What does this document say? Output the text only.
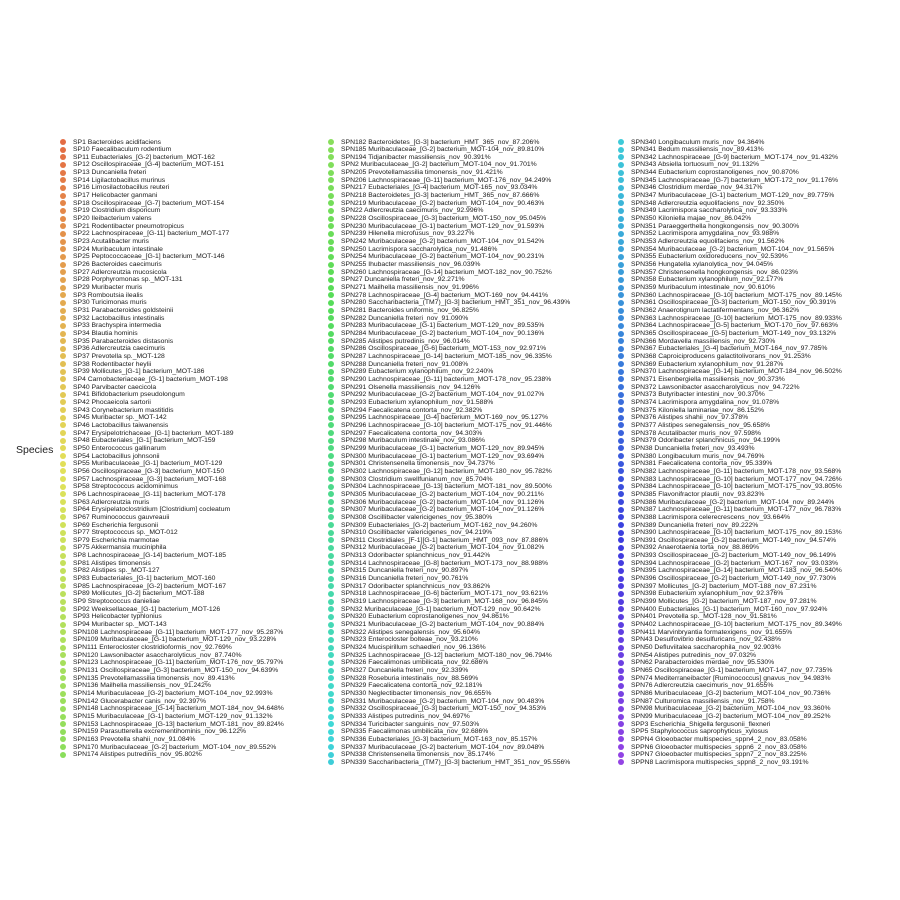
Species
SP1 Bacteroides acidifaciens
SP10 Faecalibaculum rodentium
SP11 Eubacteriales_[G-2] bacterium_MOT-162
SP12 Oscillospiraceae_[G-4] bacterium_MOT-151
SP13 Duncaniella freteri
SP14 Ligilactobacillus murinus
SP16 Limosilactobacillus reuteri
SP17 Helicobacter ganmani
SP18 Oscillospiraceae_[G-7] bacterium_MOT-154
SP19 Clostridium disporicum
SP20 Ileibacterium valens
SP21 Rodentibacter pneumotropicus
SP22 Lachnospiraceae_[G-11] bacterium_MOT-177
SP23 Acutalibacter muris
SP24 Muribaculum intestinale
SP25 Peptococcaceae_[G-1] bacterium_MOT-146
SP26 Bacteroides caecimuris
SP27 Adlercreutzia mucosicola
SP28 Porphyromonas sp._MOT-131
SP29 Muribacter muris
SP3 Romboutsia ilealis
SP30 Turicimonas muris
SP31 Parabacteroides goldsteinii
SP32 Lactobacillus intestinalis
SP33 Brachyspira intermedia
SP34 Blautia hominis
SP35 Parabacteroides distasonis
SP36 Adlercreutzia caecimuris
SP37 Prevotella sp._MOT-128
SP38 Rodentibacter heylii
SP39 Mollicutes_[G-1] bacterium_MOT-186
SP4 Carnobacteriaceae_[G-1] bacterium_MOT-198
SP40 Parvibacter caecicola
SP41 Bifidobacterium pseudolongum
SP42 Phocaeicola sartorii
SP43 Corynebacterium mastitidis
SP45 Muribacter sp._MOT-142
SP46 Lactobacillus taiwanensis
SP47 Erysipelotrichaceae_[G-1] bacterium_MOT-189
SP48 Eubacteriales_[G-1] bacterium_MOT-159
SP50 Enterococcus gallinarum
SP54 Lactobacillus johnsonii
SP55 Muribaculaceae_[G-1] bacterium_MOT-129
SP56 Oscillospiraceae_[G-3] bacterium_MOT-150
SP57 Lachnospiraceae_[G-3] bacterium_MOT-168
SP58 Streptococcus acidominimus
SP6 Lachnospiraceae_[G-11] bacterium_MOT-178
SP63 Adlercreutzia muris
SP64 Erysipelatoclostridium [Clostridium] cocleatum
SP67 Ruminococcus gauvreauii
SP69 Escherichia fergusonii
SP77 Streptococcus sp._MOT-012
SP79 Escherichia marmotae
SP75 Akkermansia muciniphila
SP8 Lachnospiraceae_[G-14] bacterium_MOT-185
SP81 Alistipes timonensis
SP82 Alistipes sp._MOT-127
SP83 Eubacteriales_[G-1] bacterium_MOT-160
SP85 Lachnospiraceae_[G-2] bacterium_MOT-167
SP89 Mollicutes_[G-2] bacterium_MOT-188
SP9 Streptococcus danieliae
SP92 Weeksellaceae_[G-1] bacterium_MOT-126
SP93 Helicobacter typhlonius
SP94 Muribacter sp._MOT-143
SPN108 Lachnospiraceae_[G-11] bacterium_MOT-177_nov_95.287%
SPN109 Muribaculaceae_[G-1] bacterium_MOT-129_nov_93.228%
SPN111 Enterocloster clostridioformis_nov_92.769%
SPN120 Lawsonibacter asaccharolyticus_nov_87.740%
SPN123 Lachnospiraceae_[G-11] bacterium_MOT-176_nov_95.797%
SPN131 Oscillospiraceae_[G-3] bacterium_MOT-150_nov_94.639%
SPN135 Prevotellamassilia timonensis_nov_89.413%
SPN136 Mailhella massiliensis_nov_91.242%
SPN14 Muribaculaceae_[G-2] bacterium_MOT-104_nov_92.993%
SPN142 Glucerabacter canis_nov_92.397%
SPN148 Lachnospiraceae_[G-14] bacterium_MOT-184_nov_94.648%
SPN15 Muribaculaceae_[G-1] bacterium_MOT-129_nov_91.132%
SPN153 Lachnospiraceae_[G-13] bacterium_MOT-181_nov_89.824%
SPN159 Parasutterella excrementihominis_nov_96.122%
SPN163 Prevotella shahii_nov_91.084%
SPN170 Muribaculaceae_[G-2] bacterium_MOT-104_nov_89.552%
SPN174 Alistipes putredinis_nov_95.802%
SPN182 Bacteroidetes_[G-3] bacterium_HMT_365_nov_87.206%
SPN185 Muribaculaceae_[G-2] bacterium_MOT-104_nov_89.810%
SPN194 Tidjanibacter massiliensis_nov_90.391%
SPN2 Muribaculaceae_[G-2] bacterium_MOT-104_nov_91.701%
SPN205 Prevotellamassilia timonensis_nov_91.421%
SPN206 Lachnospiraceae_[G-11] bacterium_MOT-176_nov_94.249%
SPN217 Eubacteriales_[G-4] bacterium_MOT-165_nov_93.034%
SPN218 Bacteroidetes_[G-3] bacterium_HMT_365_nov_87.666%
SPN219 Muribaculaceae_[G-2] bacterium_MOT-104_nov_90.463%
SPN22 Adlercreutzia caecimuris_nov_92.996%
SPN228 Oscillospiraceae_[G-3] bacterium_MOT-150_nov_95.045%
SPN230 Muribaculaceae_[G-1] bacterium_MOT-129_nov_91.593%
SPN239 Hilenella microfusus_nov_93.227%
SPN242 Muribaculaceae_[G-2] bacterium_MOT-104_nov_91.542%
SPN250 Lacrimispora saccharolytica_nov_91.486%
SPN254 Muribaculaceae_[G-2] bacterium_MOT-104_nov_90.231%
SPN255 Ihubacter massiliensis_nov_96.039%
SPN260 Lachnospiraceae_[G-14] bacterium_MOT-182_nov_90.752%
SPN27 Duncaniella freteri_nov_92.271%
SPN271 Mailhella massiliensis_nov_91.996%
SPN278 Lachnospiraceae_[G-4] bacterium_MOT-169_nov_94.441%
SPN280 Saccharibacteria_(TM7)_[G-3] bacterium_HMT_351_nov_96.439%
SPN281 Bacteroides uniformis_nov_96.825%
SPN282 Duncaniella freteri_nov_91.090%
SPN283 Muribaculaceae_[G-1] bacterium_MOT-129_nov_89.535%
SPN284 Muribaculaceae_[G-2] bacterium_MOT-104_nov_90.136%
SPN285 Alistipes putredinis_nov_96.014%
SPN286 Oscillospiraceae_[G-6] bacterium_MOT-153_nov_92.971%
SPN287 Lachnospiraceae_[G-14] bacterium_MOT-185_nov_96.335%
SPN288 Duncaniella freteri_nov_91.008%
SPN289 Eubacterium xylanophilum_nov_92.240%
SPN290 Lachnospiraceae_[G-11] bacterium_MOT-178_nov_95.238%
SPN291 Olsenella massiliensis_nov_94.126%
SPN292 Muribaculaceae_[G-2] bacterium_MOT-104_nov_91.027%
SPN293 Eubacterium xylanophilum_nov_91.588%
SPN294 Faecalicatena contorta_nov_92.382%
SPN295 Lachnospiraceae_[G-4] bacterium_MOT-169_nov_95.127%
SPN296 Lachnospiraceae_[G-10] bacterium_MOT-175_nov_91.446%
SPN297 Faecalicatena contorta_nov_94.303%
SPN298 Muribaculum intestinale_nov_93.086%
SPN299 Muribaculaceae_[G-1] bacterium_MOT-129_nov_89.945%
SPN300 Muribaculaceae_[G-1] bacterium_MOT-129_nov_93.694%
SPN301 Christensenella timonensis_nov_94.737%
SPN302 Lachnospiraceae_[G-12] bacterium_MOT-180_nov_95.782%
SPN303 Clostridium swellfunianum_nov_85.704%
SPN304 Lachnospiraceae_[G-13] bacterium_MOT-181_nov_89.500%
SPN305 Muribaculaceae_[G-2] bacterium_MOT-104_nov_90.211%
SPN306 Muribaculaceae_[G-2] bacterium_MOT-104_nov_91.126%
SPN307 Muribaculaceae_[G-2] bacterium_MOT-104_nov_91.126%
SPN308 Oscillibacter valericigenes_nov_95.380%
SPN309 Eubacteriales_[G-2] bacterium_MOT-162_nov_94.260%
SPN310 Oscillibacter valericigenes_nov_94.219%
SPN311 Clostridiales_[F-1][G-1] bacterium_HMT_093_nov_87.886%
SPN312 Muribaculaceae_[G-2] bacterium_MOT-104_nov_91.082%
SPN313 Odoribacter splanchnicus_nov_91.442%
SPN314 Lachnospiraceae_[G-8] bacterium_MOT-173_nov_88.988%
SPN315 Duncaniella freteri_nov_90.897%
SPN316 Duncaniella freteri_nov_90.761%
SPN317 Odoribacter splanchnicus_nov_93.862%
SPN318 Lachnospiraceae_[G-6] bacterium_MOT-171_nov_93.621%
SPN319 Lachnospiraceae_[G-3] bacterium_MOT-168_nov_96.845%
SPN32 Muribaculaceae_[G-1] bacterium_MOT-129_nov_90.642%
SPN320 Eubacterium coprostanoligenes_nov_94.861%
SPN321 Muribaculaceae_[G-2] bacterium_MOT-104_nov_90.884%
SPN322 Alistipes senegalensis_nov_95.604%
SPN323 Enterocloster bolteae_nov_93.210%
SPN324 Mucispirillum schaedleri_nov_96.136%
SPN325 Lachnospiraceae_[G-12] bacterium_MOT-180_nov_96.794%
SPN326 Faecalimonas umbilicata_nov_92.686%
SPN327 Duncaniella freteri_nov_92.339%
SPN328 Roseburia intestinalis_nov_88.569%
SPN329 Faecalicatena contorta_nov_92.181%
SPN330 Neglectibacter timonensis_nov_96.655%
SPN331 Muribaculaceae_[G-2] bacterium_MOT-104_nov_90.483%
SPN332 Oscillospiraceae_[G-3] bacterium_MOT-150_nov_94.353%
SPN333 Alistipes putredinis_nov_94.697%
SPN334 Turicibacter sanguinis_nov_97.503%
SPN335 Faecalimonas umbilicata_nov_92.686%
SPN336 Eubacteriales_[G-3] bacterium_MOT-163_nov_85.157%
SPN337 Muribaculaceae_[G-2] bacterium_MOT-104_nov_89.048%
SPN338 Christensenella timonensis_nov_85.174%
SPN339 Saccharibacteria_(TM7)_[G-3] bacterium_HMT_351_nov_95.556%
SPN340 Longibaculum muris_nov_94.364%
SPN341 Bedum massiliensis_nov_89.413%
SPN342 Lachnospiraceae_[G-9] bacterium_MOT-174_nov_91.432%
SPN343 Absiella tortuosum_nov_91.132%
SPN344 Eubacterium coprostanoligenes_nov_90.870%
SPN345 Lachnospiraceae_[G-7] bacterium_MOT-172_nov_91.176%
SPN346 Clostridium merdae_nov_94.317%
SPN347 Muribaculaceae_[G-1] bacterium_MOT-129_nov_89.775%
SPN348 Adlercreutzia equolifaciens_nov_92.350%
SPN349 Lacrimispora saccharolytica_nov_93.333%
SPN350 Kiloniella majae_nov_86.042%
SPN351 Paraeggerthella hongkongensis_nov_90.300%
SPN352 Lacrimispora amygdalina_nov_93.988%
SPN353 Adlercreutzia equolifaciens_nov_91.562%
SPN354 Muribaculaceae_[G-2] bacterium_MOT-104_nov_91.565%
SPN355 Eubacterium oxidoreducens_nov_92.539%
SPN356 Hungatella xylanolytica_nov_94.045%
SPN357 Christensenella hongkongensis_nov_86.023%
SPN358 Eubacterium xylanophilum_nov_92.177%
SPN359 Muribaculum intestinale_nov_90.610%
SPN360 Lachnospiraceae_[G-10] bacterium_MOT-175_nov_89.145%
SPN361 Oscillospiraceae_[G-3] bacterium_MOT-150_nov_90.391%
SPN362 Anaerotignum lactatifermentans_nov_96.362%
SPN363 Lachnospiraceae_[G-10] bacterium_MOT-175_nov_89.933%
SPN364 Lachnospiraceae_[G-5] bacterium_MOT-170_nov_97.663%
SPN365 Oscillospiraceae_[G-5] bacterium_MOT-149_nov_93.132%
SPN366 Mordavella massiliensis_nov_92.730%
SPN367 Eubacteriales_[G-4] bacterium_MOT-164_nov_97.785%
SPN368 Caproiciproducens galactitolivorans_nov_91.253%
SPN369 Eubacterium xylanophilum_nov_91.287%
SPN370 Lachnospiraceae_[G-14] bacterium_MOT-184_nov_96.502%
SPN371 Eisenbergiella massiliensis_nov_90.373%
SPN372 Lawsonibacter asaccharolyticus_nov_94.722%
SPN373 Butyribacter intestini_nov_90.370%
SPN374 Lacrimispora amygdalina_nov_91.078%
SPN375 Kiloniella laminariae_nov_86.152%
SPN376 Alistipes shahii_nov_97.378%
SPN377 Alistipes senegalensis_nov_95.658%
SPN378 Acutalibacter muris_nov_97.598%
SPN379 Odoribacter splanchnicus_nov_94.199%
SPN38 Duncaniella freteri_nov_93.493%
SPN380 Longibaculum muris_nov_94.769%
SPN381 Faecalicatena contorta_nov_95.339%
SPN382 Lachnospiraceae_[G-11] bacterium_MOT-178_nov_93.568%
SPN383 Lachnospiraceae_[G-10] bacterium_MOT-177_nov_94.726%
SPN384 Lachnospiraceae_[G-10] bacterium_MOT-175_nov_93.805%
SPN385 Flavonifractor plautii_nov_93.823%
SPN386 Muribaculaceae_[G-2] bacterium_MOT-104_nov_89.244%
SPN387 Lachnospiraceae_[G-11] bacterium_MOT-177_nov_96.783%
SPN388 Lacrimispora celerecrescens_nov_93.664%
SPN389 Duncaniella freteri_nov_89.222%
SPN390 Lachnospiraceae_[G-10] bacterium_MOT-175_nov_89.153%
SPN391 Oscillospiraceae_[G-2] bacterium_MOT-149_nov_94.574%
SPN392 Anaerotaenia torta_nov_88.869%
SPN393 Oscillospiraceae_[G-2] bacterium_MOT-149_nov_96.149%
SPN394 Lachnospiraceae_[G-2] bacterium_MOT-167_nov_93.033%
SPN395 Lachnospiraceae_[G-14] bacterium_MOT-183_nov_96.540%
SPN396 Oscillospiraceae_[G-2] bacterium_MOT-149_nov_97.730%
SPN397 Mollicutes_[G-2] bacterium_MOT-188_nov_87.231%
SPN398 Eubacterium xylanophilum_nov_92.376%
SPN399 Mollicutes_[G-2] bacterium_MOT-187_nov_97.281%
SPN400 Eubacteriales_[G-1] bacterium_MOT-160_nov_97.924%
SPN401 Prevotella sp._MOT-128_nov_91.581%
SPN402 Lachnospiraceae_[G-10] bacterium_MOT-175_nov_89.349%
SPN411 Marvinbryantia formatexigens_nov_91.655%
SPN43 Desulfovibrio desulfuricans_nov_92.438%
SPN50 Defluviitalea saccharophila_nov_92.903%
SPN54 Alistipes putredinis_nov_97.032%
SPN62 Parabacteroides merdae_nov_95.530%
SPN65 Oscillospiraceae_[G-1] bacterium_MOT-147_nov_97.735%
SPN74 Mediterraneibacter [Ruminococcus] gnavus_nov_94.983%
SPN76 Adlercreutzia caecimuris_nov_91.655%
SPN86 Muribaculaceae_[G-2] bacterium_MOT-104_nov_90.736%
SPN87 Culturomica massiliensis_nov_91.758%
SPN98 Muribaculaceae_[G-2] bacterium_MOT-104_nov_93.360%
SPN99 Muribaculaceae_[G-2] bacterium_MOT-104_nov_89.252%
SPP3 Escherichia_Shigella fergusonii_flexneri
SPP5 Staphylococcus saprophyticus_xylosus
SPPN4 Gloeobacter multispecies_sppn4_2_nov_83.058%
SPPN6 Gloeobacter multispecies_sppn6_2_nov_83.058%
SPPN7 Gloeobacter multispecies_sppn7_2_nov_83.225%
SPPN8 Lacrimispora multispecies_sppn8_2_nov_93.191%
